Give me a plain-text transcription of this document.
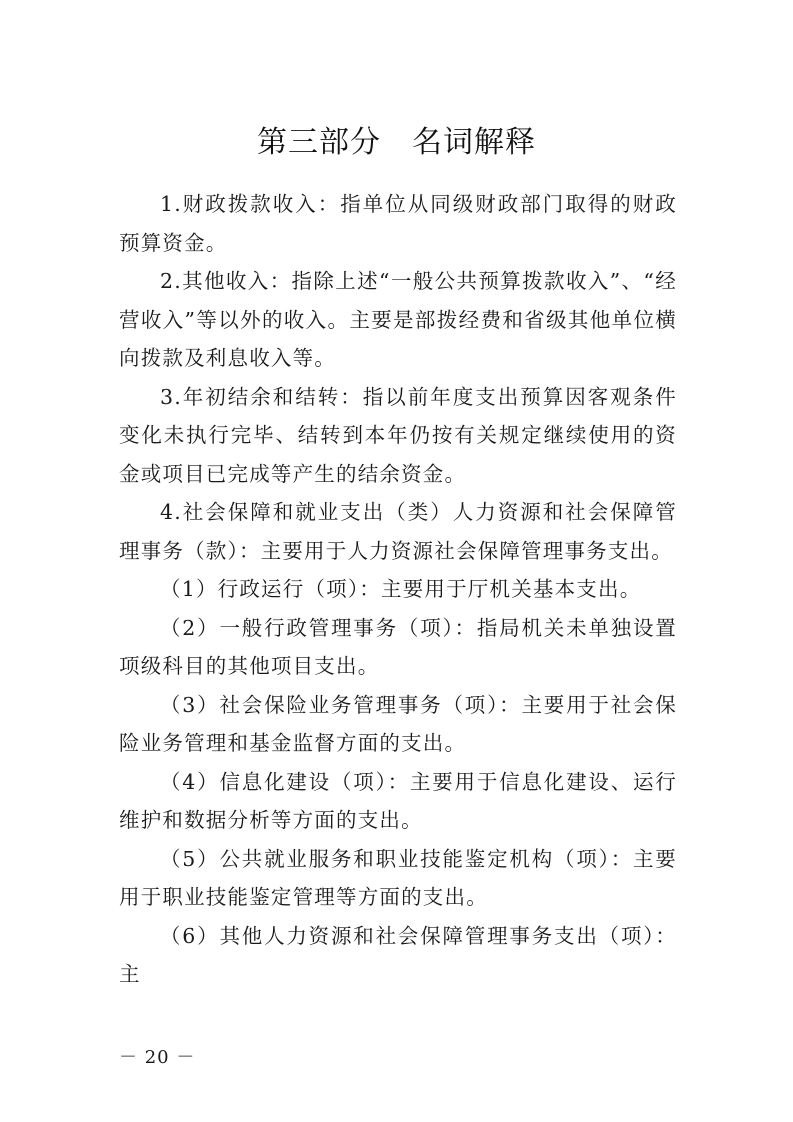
第三部分　名词解释

1.财政拨款收入：指单位从同级财政部门取得的财政预算资金。

2.其他收入：指除上述“一般公共预算拨款收入”、“经营收入”等以外的收入。主要是部拨经费和省级其他单位横向拨款及利息收入等。

3.年初结余和结转：指以前年度支出预算因客观条件变化未执行完毕、结转到本年仍按有关规定继续使用的资金或项目已完成等产生的结余资金。

4.社会保障和就业支出（类）人力资源和社会保障管理事务（款）：主要用于人力资源社会保障管理事务支出。

（1）行政运行（项）：主要用于厅机关基本支出。

（2）一般行政管理事务（项）：指局机关未单独设置项级科目的其他项目支出。

（3）社会保险业务管理事务（项）：主要用于社会保险业务管理和基金监督方面的支出。

（4）信息化建设（项）：主要用于信息化建设、运行维护和数据分析等方面的支出。

（5）公共就业服务和职业技能鉴定机构（项）：主要用于职业技能鉴定管理等方面的支出。

（6）其他人力资源和社会保障管理事务支出（项）：主

－ 20 －
